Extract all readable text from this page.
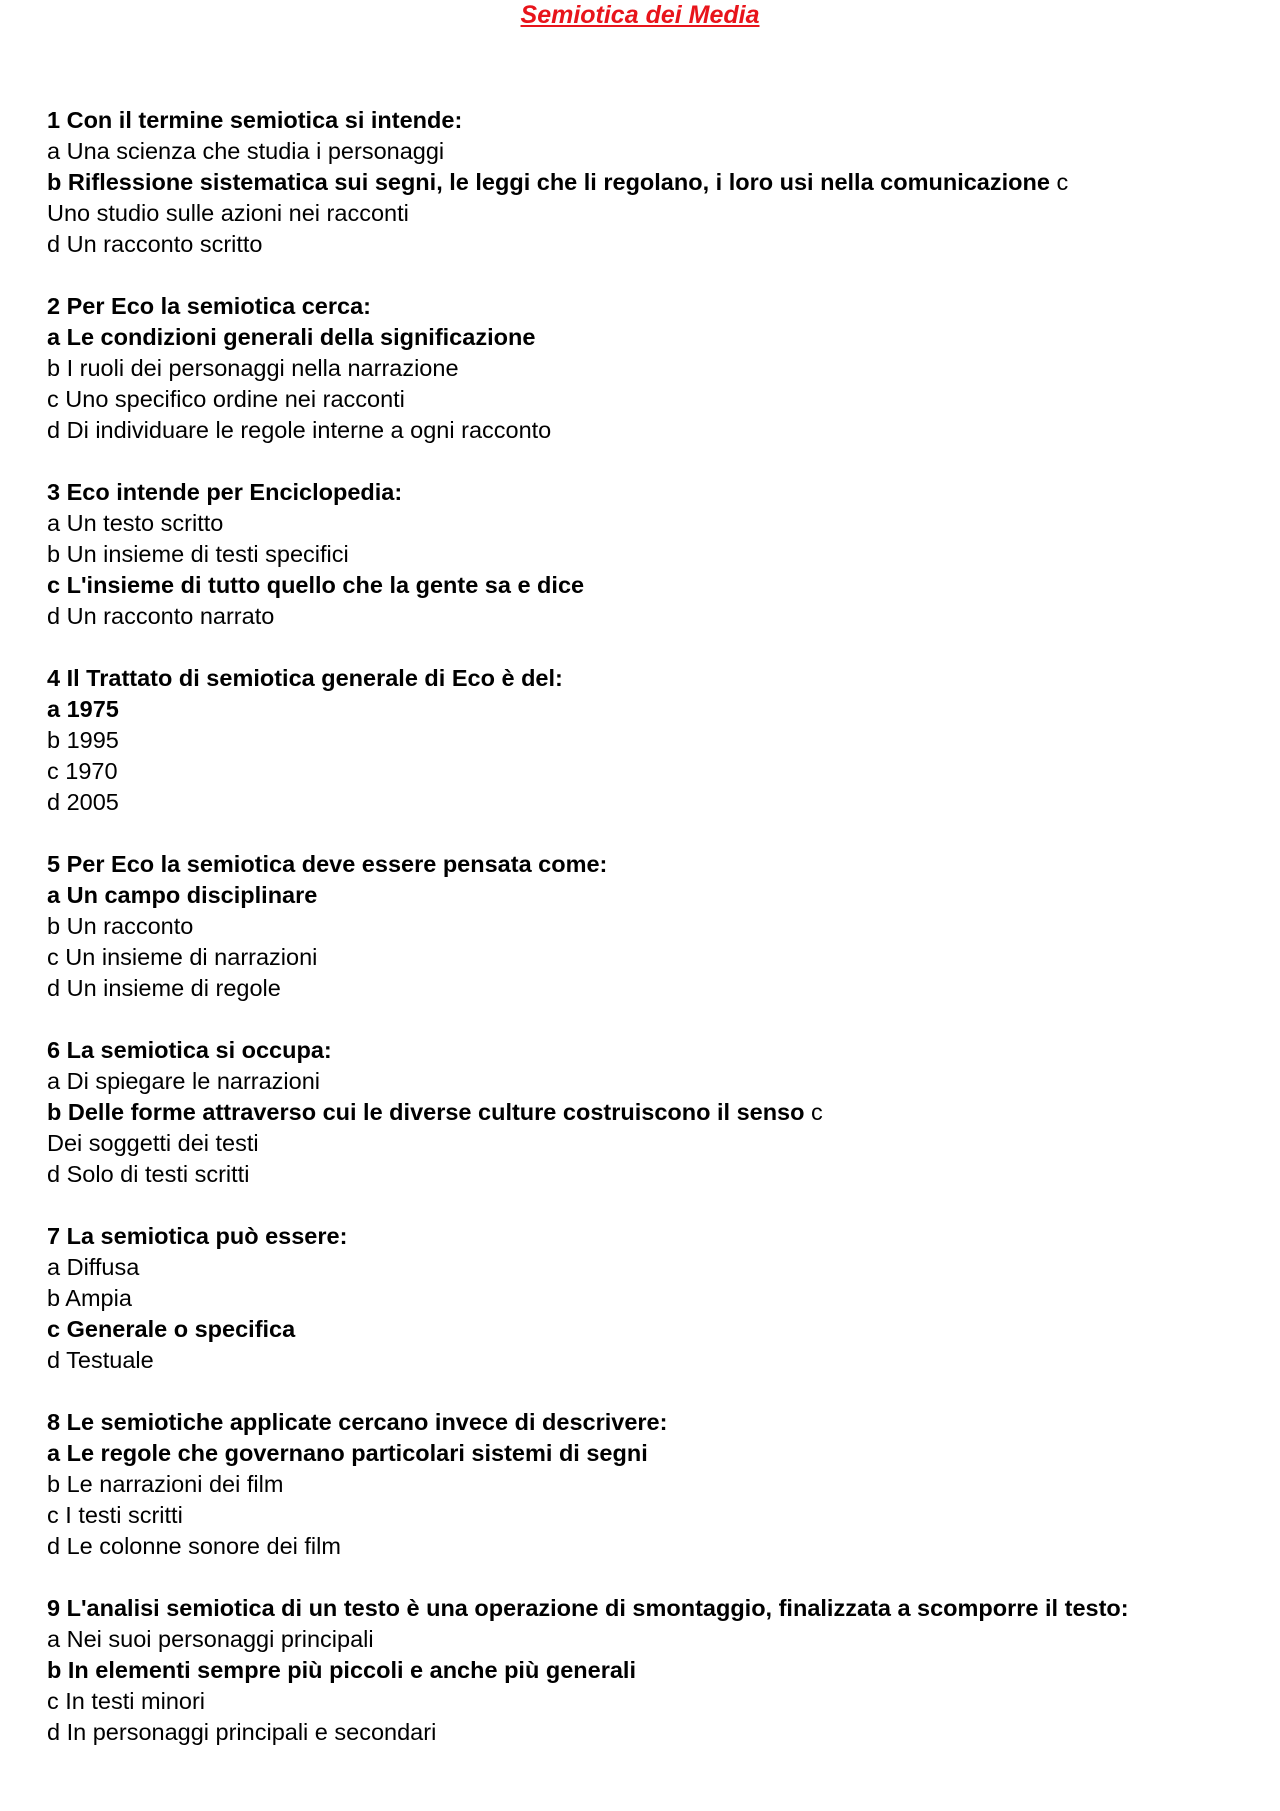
Semiotica dei Media
1 Con il termine semiotica si intende:
a Una scienza che studia i personaggi
b Riflessione sistematica sui segni, le leggi che li regolano, i loro usi nella comunicazione c
Uno studio sulle azioni nei racconti
d Un racconto scritto
2 Per Eco la semiotica cerca:
a Le condizioni generali della significazione
b I ruoli dei personaggi nella narrazione
c Uno specifico ordine nei racconti
d Di individuare le regole interne a ogni racconto
3 Eco intende per Enciclopedia:
a Un testo scritto
b Un insieme di testi specifici
c L'insieme di tutto quello che la gente sa e dice
d Un racconto narrato
4 Il Trattato di semiotica generale di Eco è del:
a 1975
b 1995
c 1970
d 2005
5 Per Eco la semiotica deve essere pensata come:
a Un campo disciplinare
b Un racconto
c Un insieme di narrazioni
d Un insieme di regole
6 La semiotica si occupa:
a Di spiegare le narrazioni
b Delle forme attraverso cui le diverse culture costruiscono il senso c
Dei soggetti dei testi
d Solo di testi scritti
7 La semiotica può essere:
a Diffusa
b Ampia
c Generale o specifica
d Testuale
8 Le semiotiche applicate cercano invece di descrivere:
a Le regole che governano particolari sistemi di segni
b Le narrazioni dei film
c I testi scritti
d Le colonne sonore dei film
9 L'analisi semiotica di un testo è una operazione di smontaggio, finalizzata a scomporre il testo:
a Nei suoi personaggi principali
b In elementi sempre più piccoli e anche più generali
c In testi minori
d In personaggi principali e secondari
